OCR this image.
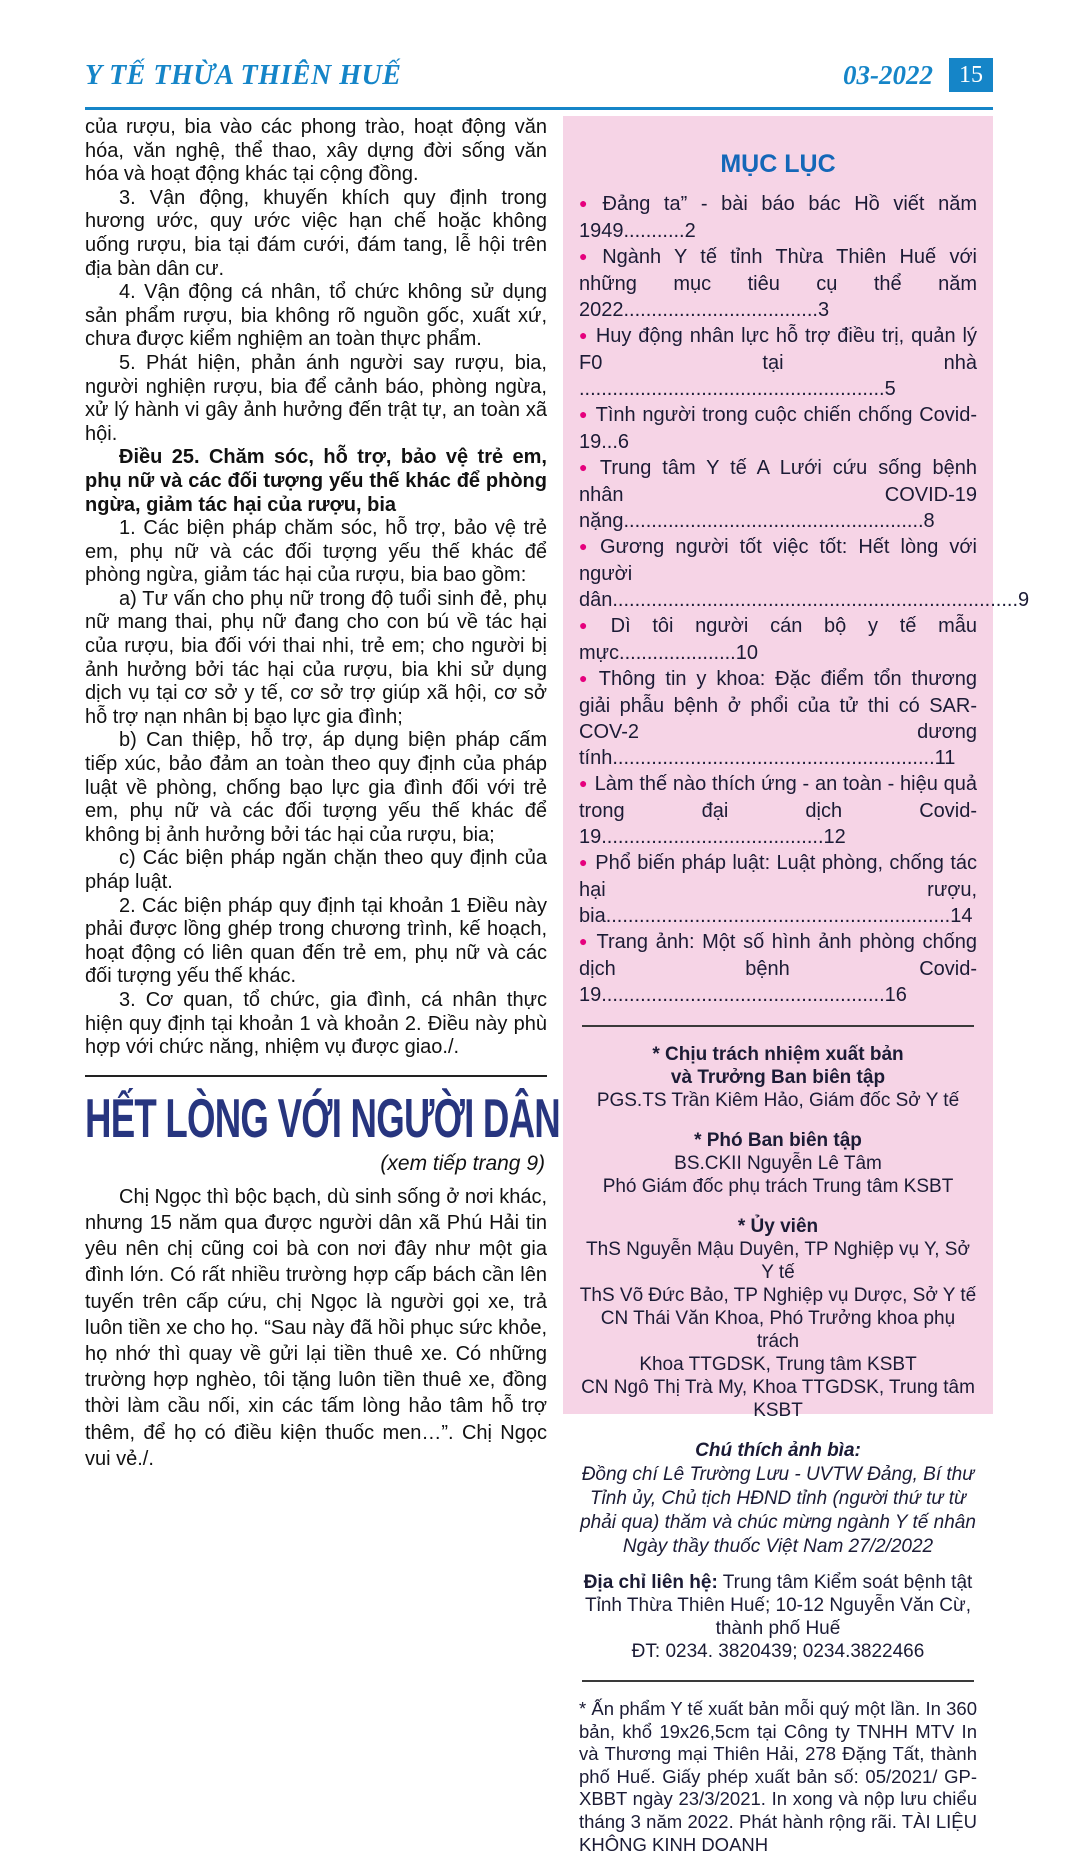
Y TẾ THỪA THIÊN HUẾ	03-2022	15

của rượu, bia vào các phong trào, hoạt động văn hóa, văn nghệ, thể thao, xây dựng đời sống văn hóa và hoạt động khác tại cộng đồng.

3. Vận động, khuyến khích quy định trong hương ước, quy ước việc hạn chế hoặc không uống rượu, bia tại đám cưới, đám tang, lễ hội trên địa bàn dân cư.

4. Vận động cá nhân, tổ chức không sử dụng sản phẩm rượu, bia không rõ nguồn gốc, xuất xứ, chưa được kiểm nghiệm an toàn thực phẩm.

5. Phát hiện, phản ánh người say rượu, bia, người nghiện rượu, bia để cảnh báo, phòng ngừa, xử lý hành vi gây ảnh hưởng đến trật tự, an toàn xã hội.

Điều 25. Chăm sóc, hỗ trợ, bảo vệ trẻ em, phụ nữ và các đối tượng yếu thế khác để phòng ngừa, giảm tác hại của rượu, bia

1. Các biện pháp chăm sóc, hỗ trợ, bảo vệ trẻ em, phụ nữ và các đối tượng yếu thế khác để phòng ngừa, giảm tác hại của rượu, bia bao gồm:

a) Tư vấn cho phụ nữ trong độ tuổi sinh đẻ, phụ nữ mang thai, phụ nữ đang cho con bú về tác hại của rượu, bia đối với thai nhi, trẻ em; cho người bị ảnh hưởng bởi tác hại của rượu, bia khi sử dụng dịch vụ tại cơ sở y tế, cơ sở trợ giúp xã hội, cơ sở hỗ trợ nạn nhân bị bạo lực gia đình;

b) Can thiệp, hỗ trợ, áp dụng biện pháp cấm tiếp xúc, bảo đảm an toàn theo quy định của pháp luật về phòng, chống bạo lực gia đình đối với trẻ em, phụ nữ và các đối tượng yếu thế khác để không bị ảnh hưởng bởi tác hại của rượu, bia;

c) Các biện pháp ngăn chặn theo quy định của pháp luật.

2. Các biện pháp quy định tại khoản 1 Điều này phải được lồng ghép trong chương trình, kế hoạch, hoạt động có liên quan đến trẻ em, phụ nữ và các đối tượng yếu thế khác.

3. Cơ quan, tổ chức, gia đình, cá nhân thực hiện quy định tại khoản 1 và khoản 2. Điều này phù hợp với chức năng, nhiệm vụ được giao./.

HẾT LÒNG VỚI NGƯỜI DÂN
(xem tiếp trang 9)

Chị Ngọc thì bộc bạch, dù sinh sống ở nơi khác, nhưng 15 năm qua được người dân xã Phú Hải tin yêu nên chị cũng coi bà con nơi đây như một gia đình lớn. Có rất nhiều trường hợp cấp bách cần lên tuyến trên cấp cứu, chị Ngọc là người gọi xe, trả luôn tiền xe cho họ. “Sau này đã hồi phục sức khỏe, họ nhớ thì quay về gửi lại tiền thuê xe. Có những trường hợp nghèo, tôi tặng luôn tiền thuê xe, đồng thời làm cầu nối, xin các tấm lòng hảo tâm hỗ trợ thêm, để họ có điều kiện thuốc men…”. Chị Ngọc vui vẻ./.

MỤC LỤC
● Đảng ta” - bài báo bác Hồ viết năm 1949...........2
● Ngành Y tế tỉnh Thừa Thiên Huế với những mục tiêu cụ thể năm 2022...................................3
● Huy động nhân lực hỗ trợ điều trị, quản lý F0 tại nhà .......................................................5
● Tình người trong cuộc chiến chống Covid-19...6
● Trung tâm Y tế A Lưới cứu sống bệnh nhân COVID-19 nặng......................................................8
● Gương người tốt việc tốt: Hết lòng với người dân.........................................................................9
● Dì tôi người cán bộ y tế mẫu mực.....................10
● Thông tin y khoa: Đặc điểm tổn thương giải phẫu bệnh ở phổi của tử thi có SAR-COV-2 dương tính..........................................................11
● Làm thế nào thích ứng - an toàn - hiệu quả trong đại dịch Covid-19........................................12
● Phổ biến pháp luật: Luật phòng, chống tác hại rượu, bia..............................................................14
● Trang ảnh: Một số hình ảnh phòng chống dịch bệnh Covid-19...................................................16
* Chịu trách nhiệm xuất bản
và Trưởng Ban biên tập
PGS.TS Trần Kiêm Hảo, Giám đốc Sở Y tế
* Phó Ban biên tập
BS.CKII Nguyễn Lê Tâm
Phó Giám đốc phụ trách Trung tâm KSBT
* Ủy viên
ThS Nguyễn Mậu Duyên, TP Nghiệp vụ Y, Sở Y tế
ThS Võ Đức Bảo, TP Nghiệp vụ Dược, Sở Y tế
CN Thái Văn Khoa, Phó Trưởng khoa phụ trách
Khoa TTGDSK, Trung tâm KSBT
CN Ngô Thị Trà My, Khoa TTGDSK, Trung tâm KSBT
Chú thích ảnh bìa:
Đồng chí Lê Trường Lưu - UVTW Đảng, Bí thư Tỉnh ủy, Chủ tịch HĐND tỉnh (người thứ tư từ phải qua) thăm và chúc mừng ngành Y tế nhân Ngày thầy thuốc Việt Nam 27/2/2022
Địa chỉ liên hệ: Trung tâm Kiểm soát bệnh tật
Tỉnh Thừa Thiên Huế; 10-12 Nguyễn Văn Cừ, thành phố Huế
ĐT: 0234. 3820439; 0234.3822466

* Ấn phẩm Y tế xuất bản mỗi quý một lần. In 360 bản, khổ 19x26,5cm tại Công ty TNHH MTV In và Thương mại Thiên Hải, 278 Đặng Tất, thành phố Huế. Giấy phép xuất bản số: 05/2021/ GP-XBBT ngày 23/3/2021. In xong và nộp lưu chiểu tháng 3 năm 2022. Phát hành rộng rãi. TÀI LIỆU KHÔNG KINH DOANH
